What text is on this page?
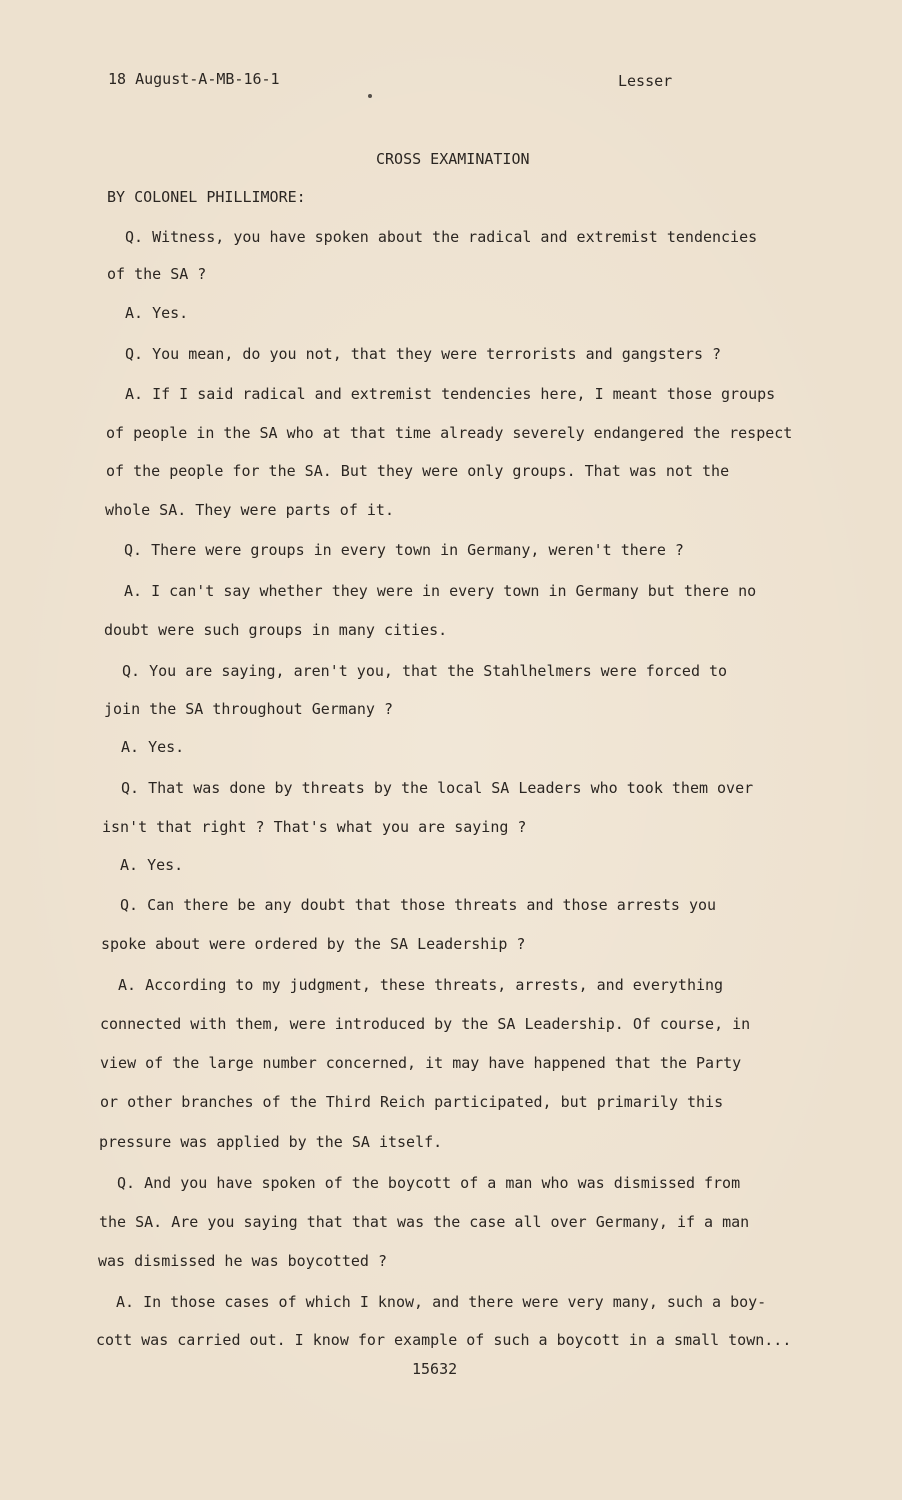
18 August-A-MB-16-1	Lesser
CROSS EXAMINATION
BY COLONEL PHILLIMORE:
Q. Witness, you have spoken about the radical and extremist tendencies
of the SA ?
A. Yes.
Q. You mean, do you not, that they were terrorists and gangsters ?
A. If I said radical and extremist tendencies here, I meant those groups
of people in the SA who at that time already severely endangered the respect
of the people for the SA. But they were only groups. That was not the
whole SA. They were parts of it.
Q. There were groups in every town in Germany, weren't there ?
A. I can't say whether they were in every town in Germany but there no
doubt were such groups in many cities.
Q. You are saying, aren't you, that the Stahlhelmers were forced to
join the SA throughout Germany ?
A. Yes.
Q. That was done by threats by the local SA Leaders who took them over
isn't that right ? That's what you are saying ?
A. Yes.
Q. Can there be any doubt that those threats and those arrests you
spoke about were ordered by the SA Leadership ?
A. According to my judgment, these threats, arrests, and everything
connected with them, were introduced by the SA Leadership. Of course, in
view of the large number concerned, it may have happened that the Party
or other branches of the Third Reich participated, but primarily this
pressure was applied by the SA itself.
Q. And you have spoken of the boycott of a man who was dismissed from
the SA. Are you saying that that was the case all over Germany, if a man
was dismissed he was boycotted ?
A. In those cases of which I know, and there were very many, such a boy-
cott was carried out. I know for example of such a boycott in a small town...
15632
